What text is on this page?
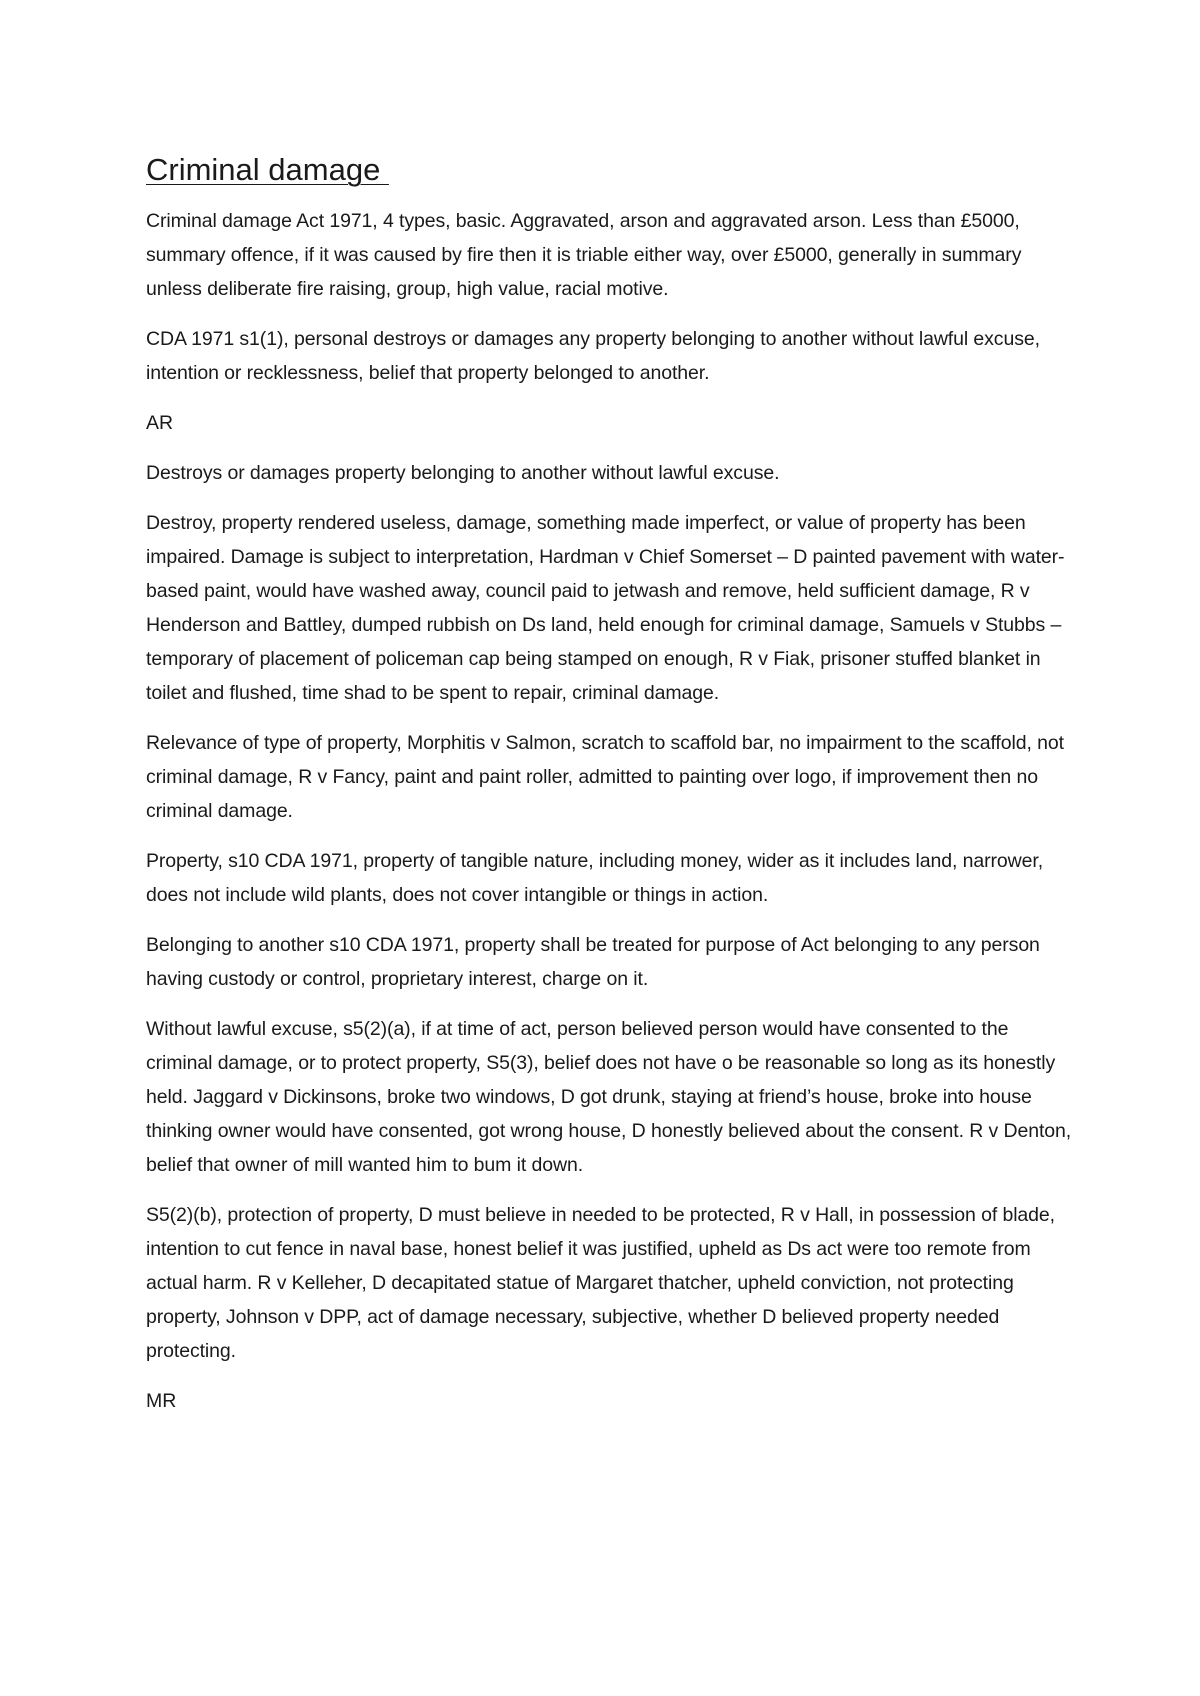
Criminal damage

Criminal damage Act 1971, 4 types, basic. Aggravated, arson and aggravated arson. Less than £5000, summary offence, if it was caused by fire then it is triable either way, over £5000, generally in summary unless deliberate fire raising, group, high value, racial motive.

CDA 1971 s1(1), personal destroys or damages any property belonging to another without lawful excuse, intention or recklessness, belief that property belonged to another.

AR

Destroys or damages property belonging to another without lawful excuse.

Destroy, property rendered useless, damage, something made imperfect, or value of property has been impaired. Damage is subject to interpretation, Hardman v Chief Somerset – D painted pavement with water-based paint, would have washed away, council paid to jetwash and remove, held sufficient damage, R v Henderson and Battley, dumped rubbish on Ds land, held enough for criminal damage, Samuels v Stubbs – temporary of placement of policeman cap being stamped on enough, R v Fiak, prisoner stuffed blanket in toilet and flushed, time shad to be spent to repair, criminal damage.

Relevance of type of property, Morphitis v Salmon, scratch to scaffold bar, no impairment to the scaffold, not criminal damage, R v Fancy, paint and paint roller, admitted to painting over logo, if improvement then no criminal damage.

Property, s10 CDA 1971, property of tangible nature, including money, wider as it includes land, narrower, does not include wild plants, does not cover intangible or things in action.

Belonging to another s10 CDA 1971, property shall be treated for purpose of Act belonging to any person having custody or control, proprietary interest, charge on it.

Without lawful excuse, s5(2)(a), if at time of act, person believed person would have consented to the criminal damage, or to protect property, S5(3), belief does not have o be reasonable so long as its honestly held. Jaggard v Dickinsons, broke two windows, D got drunk, staying at friend’s house, broke into house thinking owner would have consented, got wrong house, D honestly believed about the consent. R v Denton, belief that owner of mill wanted him to bum it down.

S5(2)(b), protection of property, D must believe in needed to be protected, R v Hall, in possession of blade, intention to cut fence in naval base, honest belief it was justified, upheld as Ds act were too remote from actual harm. R v Kelleher, D decapitated statue of Margaret thatcher, upheld conviction, not protecting property, Johnson v DPP, act of damage necessary, subjective, whether D believed property needed protecting.

MR
